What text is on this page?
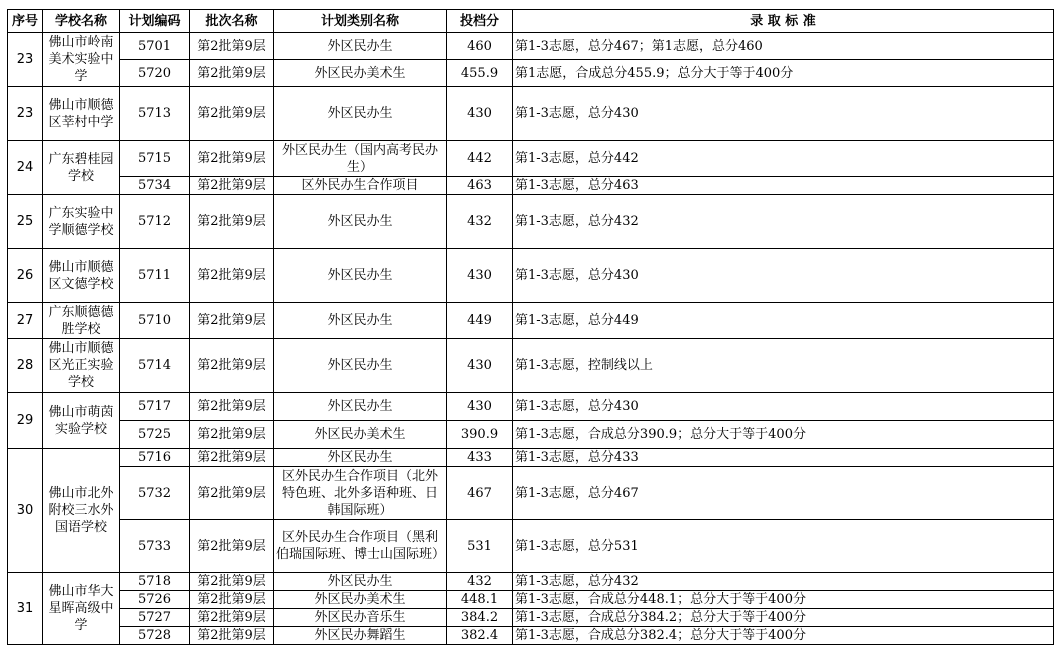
序号	学校名称	计划编码	批次名称	计划类别名称	投档分	录 取 标 准
23	佛山市岭南美术实验中学	5701	第2批第9层	外区民办生	460	第1-3志愿，总分467；第1志愿，总分460
		5720	第2批第9层	外区民办美术生	455.9	第1志愿，合成总分455.9；总分大于等于400分
23	佛山市顺德区莘村中学	5713	第2批第9层	外区民办生	430	第1-3志愿，总分430
24	广东碧桂园学校	5715	第2批第9层	外区民办生（国内高考民办生）	442	第1-3志愿，总分442
		5734	第2批第9层	区外民办生合作项目	463	第1-3志愿，总分463
25	广东实验中学顺德学校	5712	第2批第9层	外区民办生	432	第1-3志愿，总分432
26	佛山市顺德区文德学校	5711	第2批第9层	外区民办生	430	第1-3志愿，总分430
27	广东顺德德胜学校	5710	第2批第9层	外区民办生	449	第1-3志愿，总分449
28	佛山市顺德区光正实验学校	5714	第2批第9层	外区民办生	430	第1-3志愿，控制线以上
29	佛山市萌茵实验学校	5717	第2批第9层	外区民办生	430	第1-3志愿，总分430
		5725	第2批第9层	外区民办美术生	390.9	第1-3志愿，合成总分390.9；总分大于等于400分
30	佛山市北外附校三水外国语学校	5716	第2批第9层	外区民办生	433	第1-3志愿，总分433
		5732	第2批第9层	区外民办生合作项目（北外特色班、北外多语种班、日韩国际班）	467	第1-3志愿，总分467
		5733	第2批第9层	区外民办生合作项目（黑利伯瑞国际班、博士山国际班）	531	第1-3志愿，总分531
31	佛山市华大星晖高级中学	5718	第2批第9层	外区民办生	432	第1-3志愿，总分432
		5726	第2批第9层	外区民办美术生	448.1	第1-3志愿，合成总分448.1；总分大于等于400分
		5727	第2批第9层	外区民办音乐生	384.2	第1-3志愿，合成总分384.2；总分大于等于400分
		5728	第2批第9层	外区民办舞蹈生	382.4	第1-3志愿，合成总分382.4；总分大于等于400分
